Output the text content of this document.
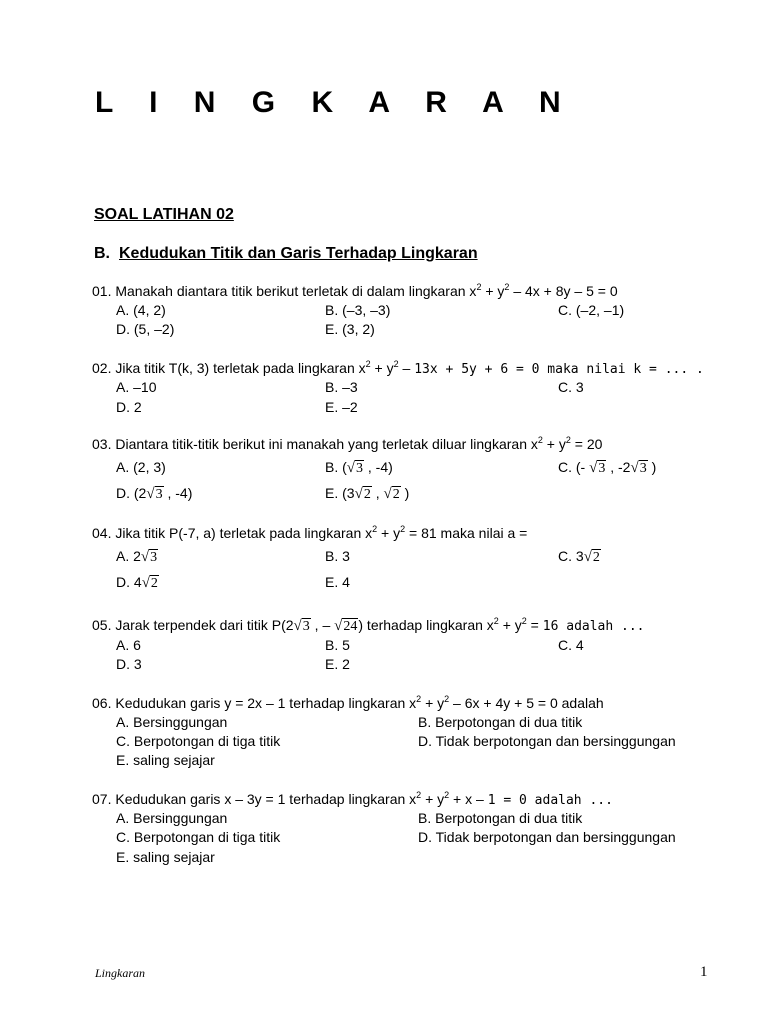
L I N G K A R A N
SOAL LATIHAN 02
B. Kedudukan Titik dan Garis Terhadap Lingkaran
01. Manakah diantara titik berikut terletak di dalam lingkaran $x^2 + y^2 - 4x + 8y - 5 = 0$
A. (4, 2)	B. (–3, –3)	C. (–2, –1)
D. (5, –2)	E. (3, 2)
02. Jika titik T(k, 3) terletak pada lingkaran $x^2 + y^2 - 13x + 5y + 6 = 0$ maka nilai k = ... .
A. –10	B. –3	C. 3
D. 2	E. –2
03. Diantara titik-titik berikut ini manakah yang terletak diluar lingkaran $x^2 + y^2 = 20$
A. (2, 3)	B. (√3 , -4)	C. (- √3 , -2√3 )
D. (2√3 , -4)	E. (3√2 , √2 )
04. Jika titik P(-7, a) terletak pada lingkaran $x^2 + y^2 = 81$ maka nilai a =
A. 2√3	B. 3	C. 3√2
D. 4√2	E. 4
05. Jarak terpendek dari titik P(2√3 , – √24) terhadap lingkaran $x^2 + y^2 = 16$ adalah ...
A. 6	B. 5	C. 4
D. 3	E. 2
06. Kedudukan garis y = 2x – 1 terhadap lingkaran $x^2 + y^2 - 6x + 4y + 5 = 0$ adalah
A. Bersinggungan	B. Berpotongan di dua titik
C. Berpotongan di tiga titik	D. Tidak berpotongan dan bersinggungan
E. saling sejajar
07. Kedudukan garis x – 3y = 1 terhadap lingkaran $x^2 + y^2 + x - 1 = 0$ adalah ...
A. Bersinggungan	B. Berpotongan di dua titik
C. Berpotongan di tiga titik	D. Tidak berpotongan dan bersinggungan
E. saling sejajar
Lingkaran	1
